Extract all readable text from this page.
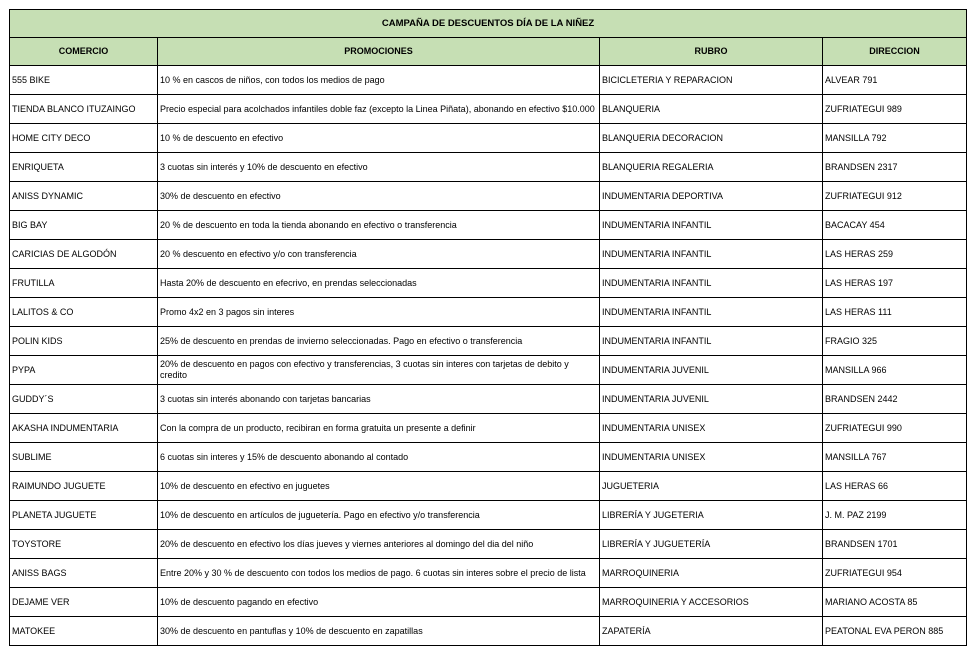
CAMPAÑA DE DESCUENTOS DÍA DE LA NIÑEZ			
COMERCIO	PROMOCIONES	RUBRO	DIRECCION
555 BIKE	10 % en cascos de niños, con todos los medios de pago	BICICLETERIA Y REPARACION	ALVEAR 791
TIENDA BLANCO ITUZAINGO	Precio especial para acolchados infantiles doble faz (excepto la Linea Piñata), abonando en efectivo $10.000	BLANQUERIA	ZUFRIATEGUI 989
HOME CITY DECO	10 % de descuento en efectivo	BLANQUERIA DECORACION	MANSILLA 792
ENRIQUETA	3 cuotas sin interés y 10% de descuento en efectivo	BLANQUERIA REGALERIA	BRANDSEN 2317
ANISS DYNAMIC	30% de descuento en efectivo	INDUMENTARIA DEPORTIVA	ZUFRIATEGUI 912
BIG BAY	20 % de descuento en toda la tienda abonando en efectivo o transferencia	INDUMENTARIA INFANTIL	BACACAY 454
CARICIAS DE ALGODÓN	20 % descuento en efectivo y/o con transferencia	INDUMENTARIA INFANTIL	LAS HERAS 259
FRUTILLA	Hasta 20% de descuento en efecrivo, en prendas seleccionadas	INDUMENTARIA INFANTIL	LAS HERAS 197
LALITOS & CO	Promo 4x2 en 3 pagos sin interes	INDUMENTARIA INFANTIL	LAS HERAS 111
POLIN KIDS	25% de descuento en prendas de invierno seleccionadas. Pago en efectivo o transferencia	INDUMENTARIA INFANTIL	FRAGIO 325
PYPA	20% de descuento en pagos con efectivo y transferencias, 3 cuotas sin interes con tarjetas de debito y credito	INDUMENTARIA JUVENIL	MANSILLA 966
GUDDY´S	3 cuotas sin interés abonando con tarjetas bancarias	INDUMENTARIA JUVENIL	BRANDSEN 2442
AKASHA INDUMENTARIA	Con la compra de un producto, recibiran en forma gratuita un presente a definir	INDUMENTARIA UNISEX	ZUFRIATEGUI 990
SUBLIME	6 cuotas sin interes y 15% de descuento abonando al contado	INDUMENTARIA UNISEX	MANSILLA 767
RAIMUNDO JUGUETE	10% de descuento en efectivo en juguetes	JUGUETERIA	LAS HERAS 66
PLANETA JUGUETE	10% de descuento en artículos de juguetería. Pago en efectivo y/o transferencia	LIBRERÍA Y JUGETERIA	J. M. PAZ 2199
TOYSTORE	20% de descuento en efectivo los días jueves y viernes anteriores al domingo del dia del niño	LIBRERÍA Y JUGUETERÍA	BRANDSEN 1701
ANISS BAGS	Entre 20% y 30 % de descuento con todos los medios de pago. 6 cuotas sin interes sobre el precio de lista	MARROQUINERIA	ZUFRIATEGUI 954
DEJAME VER	10% de descuento pagando en efectivo	MARROQUINERIA Y ACCESORIOS	MARIANO ACOSTA 85
MATOKEE	30% de descuento en pantuflas y 10% de descuento en zapatillas	ZAPATERÍA	PEATONAL EVA PERON 885
